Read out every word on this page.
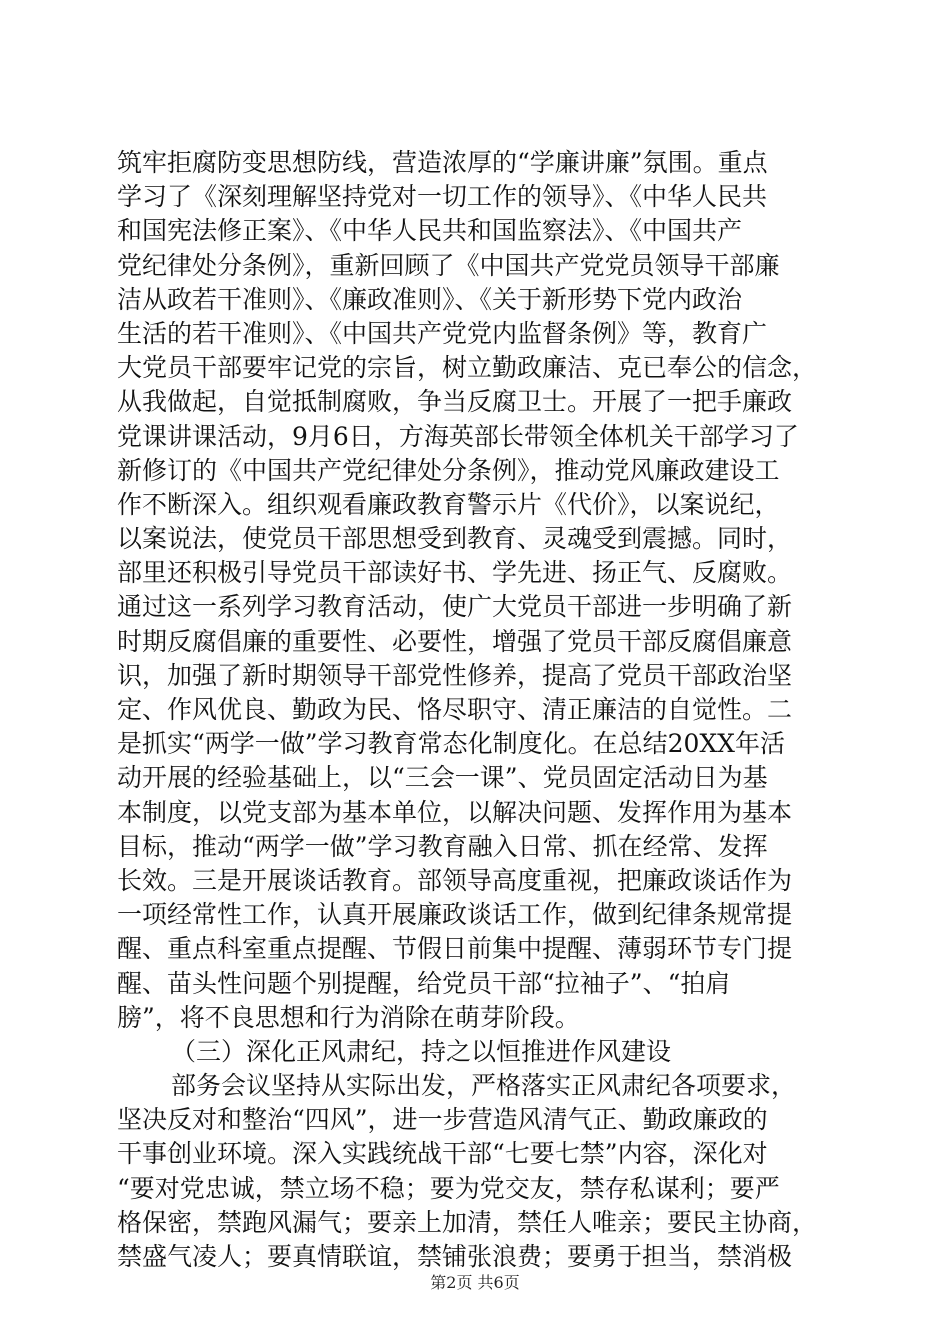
筑牢拒腐防变思想防线，营造浓厚的“学廉讲廉”氛围。重点
学习了《深刻理解坚持党对一切工作的领导》、《中华人民共
和国宪法修正案》、《中华人民共和国监察法》、《中国共产
党纪律处分条例》，重新回顾了《中国共产党党员领导干部廉
洁从政若干准则》、《廉政准则》、《关于新形势下党内政治
生活的若干准则》、《中国共产党党内监督条例》等，教育广
大党员干部要牢记党的宗旨，树立勤政廉洁、克已奉公的信念，
从我做起，自觉抵制腐败，争当反腐卫士。开展了一把手廉政
党课讲课活动，9月6日，方海英部长带领全体机关干部学习了
新修订的《中国共产党纪律处分条例》，推动党风廉政建设工
作不断深入。组织观看廉政教育警示片《代价》，以案说纪，
以案说法，使党员干部思想受到教育、灵魂受到震撼。同时，
部里还积极引导党员干部读好书、学先进、扬正气、反腐败。
通过这一系列学习教育活动，使广大党员干部进一步明确了新
时期反腐倡廉的重要性、必要性，增强了党员干部反腐倡廉意
识，加强了新时期领导干部党性修养，提高了党员干部政治坚
定、作风优良、勤政为民、恪尽职守、清正廉洁的自觉性。二
是抓实“两学一做”学习教育常态化制度化。在总结20XX年活
动开展的经验基础上，以“三会一课”、党员固定活动日为基
本制度，以党支部为基本单位，以解决问题、发挥作用为基本
目标，推动“两学一做”学习教育融入日常、抓在经常、发挥
长效。三是开展谈话教育。部领导高度重视，把廉政谈话作为
一项经常性工作，认真开展廉政谈话工作，做到纪律条规常提
醒、重点科室重点提醒、节假日前集中提醒、薄弱环节专门提
醒、苗头性问题个别提醒，给党员干部“拉袖子”、“拍肩
膀”，将不良思想和行为消除在萌芽阶段。
（三）深化正风肃纪，持之以恒推进作风建设
部务会议坚持从实际出发，严格落实正风肃纪各项要求，
坚决反对和整治“四风”，进一步营造风清气正、勤政廉政的
干事创业环境。深入实践统战干部“七要七禁”内容，深化对
“要对党忠诚，禁立场不稳；要为党交友，禁存私谋利；要严
格保密，禁跑风漏气；要亲上加清，禁任人唯亲；要民主协商，
禁盛气凌人；要真情联谊，禁铺张浪费；要勇于担当，禁消极
第2页 共6页
